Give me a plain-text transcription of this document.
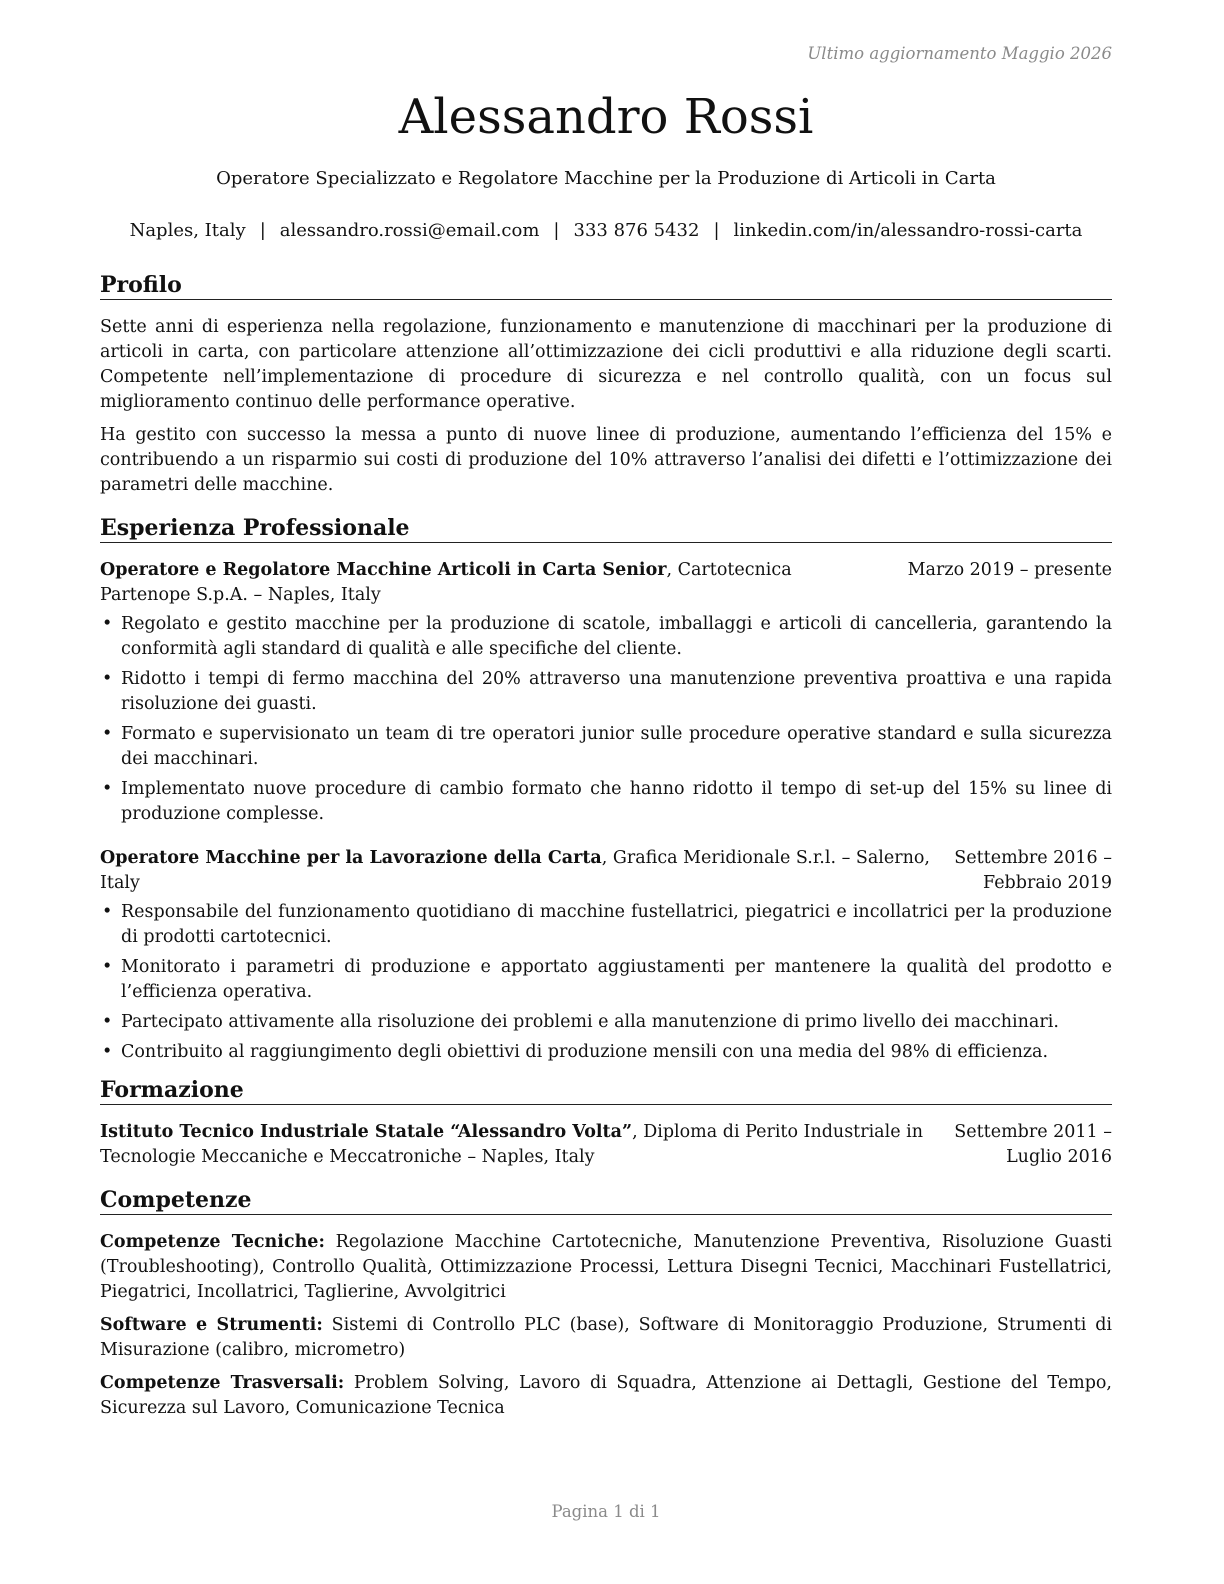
Ultimo aggiornamento Maggio 2026
Alessandro Rossi
Operatore Specializzato e Regolatore Macchine per la Produzione di Articoli in Carta
Naples, Italy | alessandro.rossi@email.com | 333 876 5432 | linkedin.com/in/alessandro-rossi-carta
Profilo

Sette anni di esperienza nella regolazione, funzionamento e manutenzione di macchinari per la produzione di articoli in carta, con particolare attenzione all’ottimizzazione dei cicli produttivi e alla riduzione degli scarti. Competente nell’implementazione di procedure di sicurezza e nel controllo qualità, con un focus sul miglioramento continuo delle performance operative.

Ha gestito con successo la messa a punto di nuove linee di produzione, aumentando l’efficienza del 15% e contribuendo a un risparmio sui costi di produzione del 10% attraverso l’analisi dei difetti e l’ottimizzazione dei parametri delle macchine.

Esperienza Professionale
Operatore e Regolatore Macchine Articoli in Carta Senior, Cartotecnica Partenope S.p.A. – Naples, Italy
Marzo 2019 – presente
• Regolato e gestito macchine per la produzione di scatole, imballaggi e articoli di cancelleria, garantendo la conformità agli standard di qualità e alle specifiche del cliente.
• Ridotto i tempi di fermo macchina del 20% attraverso una manutenzione preventiva proattiva e una rapida risoluzione dei guasti.
• Formato e supervisionato un team di tre operatori junior sulle procedure operative standard e sulla sicurezza dei macchinari.
• Implementato nuove procedure di cambio formato che hanno ridotto il tempo di set-up del 15% su linee di produzione complesse.
Operatore Macchine per la Lavorazione della Carta, Grafica Meridionale S.r.l. – Salerno, Italy
Settembre 2016 – Febbraio 2019
• Responsabile del funzionamento quotidiano di macchine fustellatrici, piegatrici e incollatrici per la produzione di prodotti cartotecnici.
• Monitorato i parametri di produzione e apportato aggiustamenti per mantenere la qualità del prodotto e l’efficienza operativa.
• Partecipato attivamente alla risoluzione dei problemi e alla manutenzione di primo livello dei macchinari.
• Contribuito al raggiungimento degli obiettivi di produzione mensili con una media del 98% di efficienza.
Formazione
Istituto Tecnico Industriale Statale “Alessandro Volta”, Diploma di Perito Industriale in Tecnologie Meccaniche e Meccatroniche – Naples, Italy
Settembre 2011 – Luglio 2016
Competenze

Competenze Tecniche: Regolazione Macchine Cartotecniche, Manutenzione Preventiva, Risoluzione Guasti (Troubleshooting), Controllo Qualità, Ottimizzazione Processi, Lettura Disegni Tecnici, Macchinari Fustellatrici, Piegatrici, Incollatrici, Taglierine, Avvolgitrici

Software e Strumenti: Sistemi di Controllo PLC (base), Software di Monitoraggio Produzione, Strumenti di Misurazione (calibro, micrometro)

Competenze Trasversali: Problem Solving, Lavoro di Squadra, Attenzione ai Dettagli, Gestione del Tempo, Sicurezza sul Lavoro, Comunicazione Tecnica

Pagina 1 di 1
